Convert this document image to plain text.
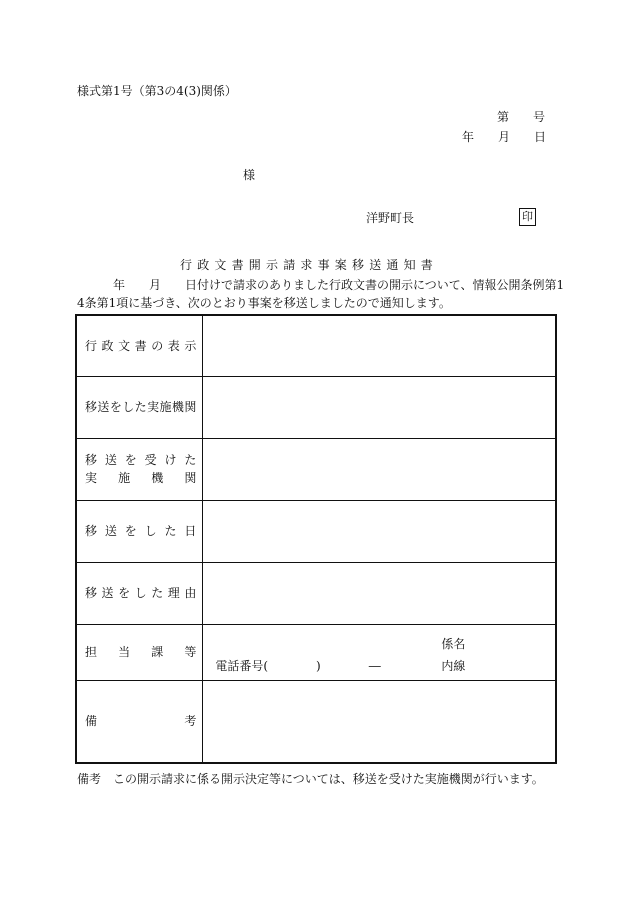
様式第1号（第3の4(3)関係）
第　　号
年　　月　　日
様
洋野町長	印
行政文書開示請求事案移送通知書
　　　年　　月　　日付けで請求のありました行政文書の開示について、情報公開条例第1
4条第1項に基づき、次のとおり事案を移送しましたので通知します。
行政文書の表示	

移送をした実施機関	

移送を受けた
実施機関	

移送をした日	

移送をした理由	

担当課等	係名
電話番号(　　　　)　　　　― 内線

備考	

備考　この開示請求に係る開示決定等については、移送を受けた実施機関が行います。
